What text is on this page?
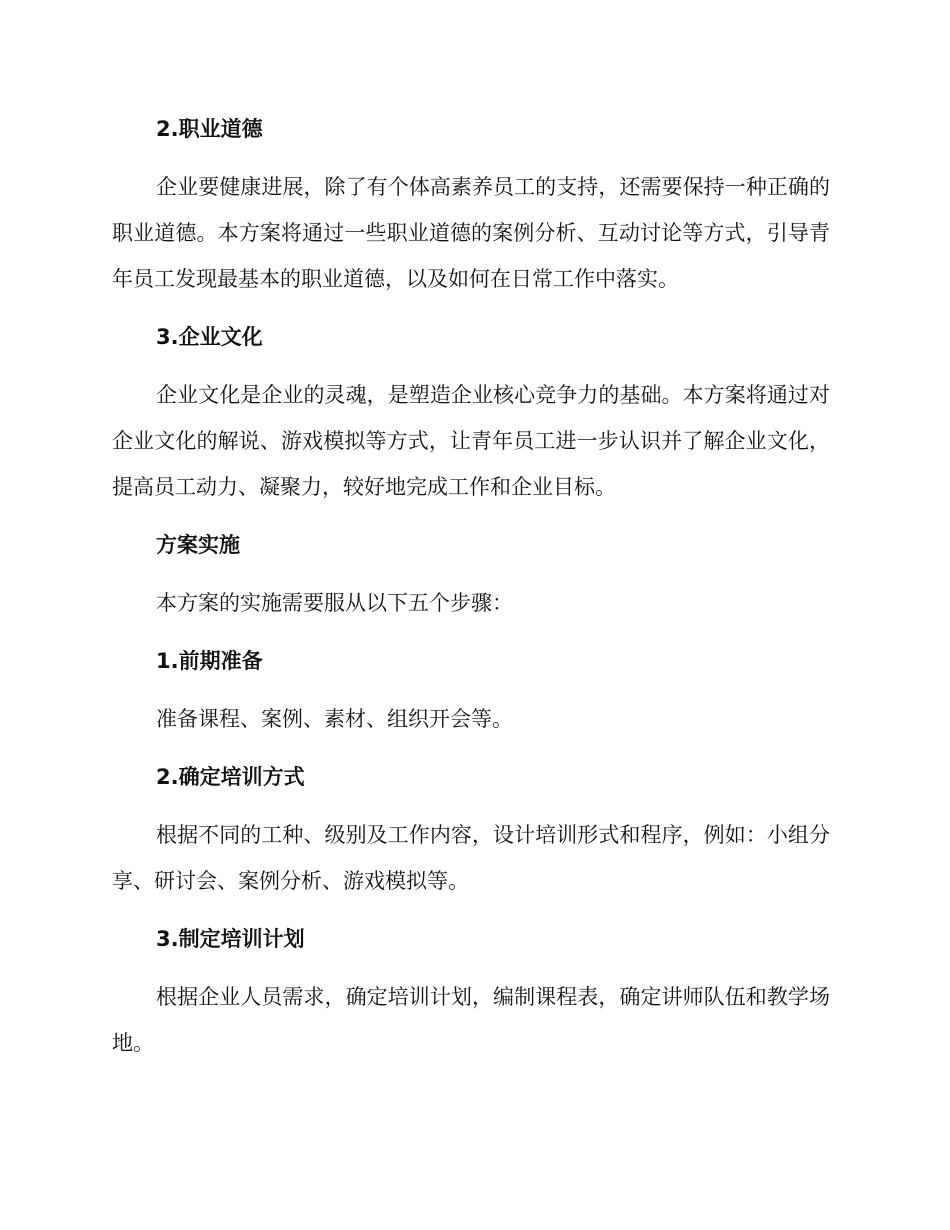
2.职业道德
企业要健康进展，除了有个体高素养员工的支持，还需要保持一种正确的职业道德。本方案将通过一些职业道德的案例分析、互动讨论等方式，引导青年员工发现最基本的职业道德，以及如何在日常工作中落实。
3.企业文化
企业文化是企业的灵魂，是塑造企业核心竞争力的基础。本方案将通过对企业文化的解说、游戏模拟等方式，让青年员工进一步认识并了解企业文化，提高员工动力、凝聚力，较好地完成工作和企业目标。
方案实施
本方案的实施需要服从以下五个步骤：
1.前期准备
准备课程、案例、素材、组织开会等。
2.确定培训方式
根据不同的工种、级别及工作内容，设计培训形式和程序，例如：小组分享、研讨会、案例分析、游戏模拟等。
3.制定培训计划
根据企业人员需求，确定培训计划，编制课程表，确定讲师队伍和教学场地。
